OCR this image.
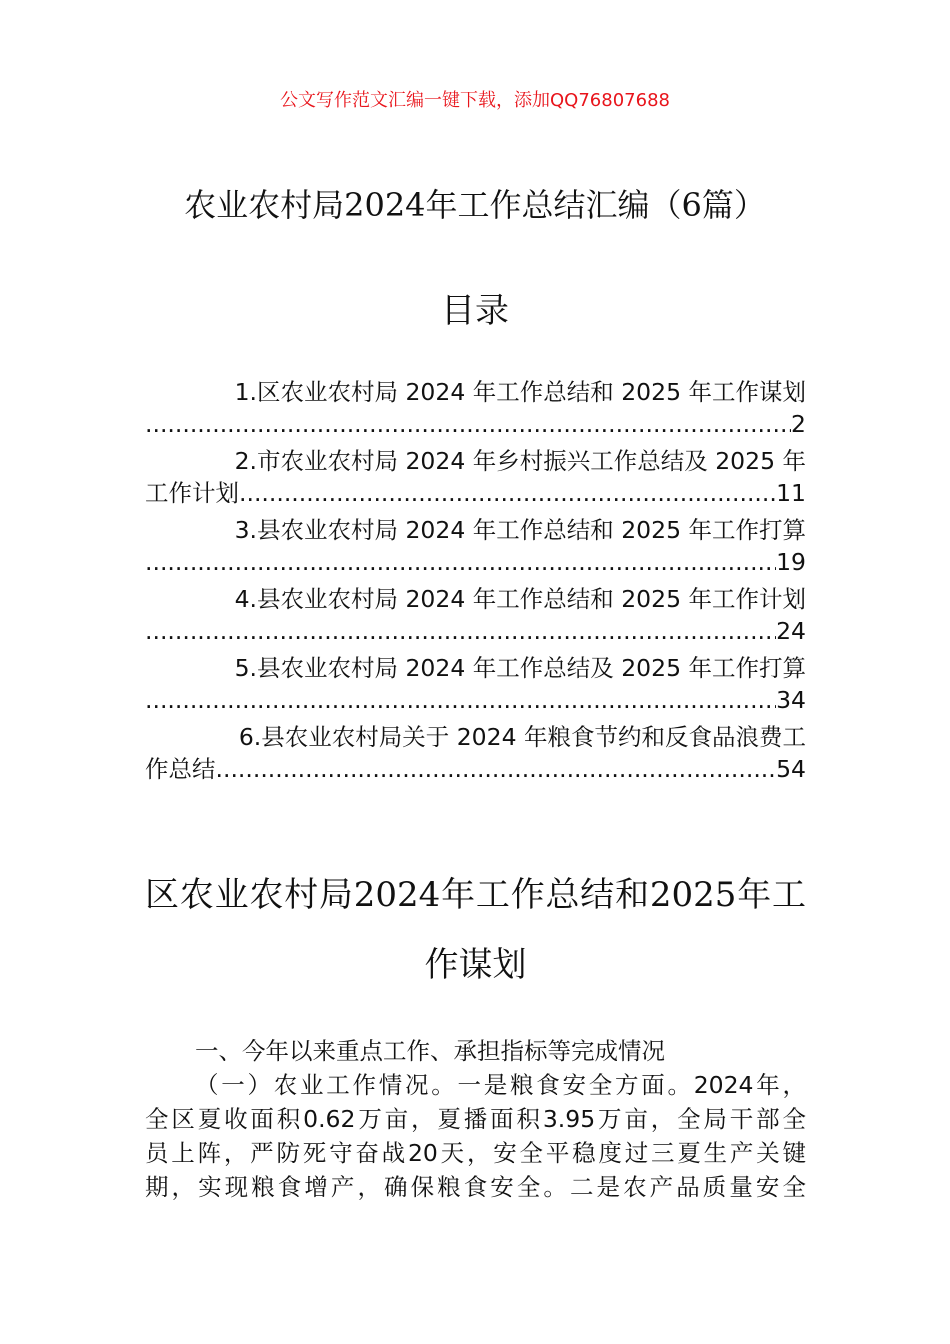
公文写作范文汇编一键下载，添加QQ76807688
农业农村局2024年工作总结汇编（6篇）
目录
1.区农业农村局 2024 年工作总结和 2025 年工作谋划
.....
2
2.市农业农村局 2024 年乡村振兴工作总结及 2025 年
工作计划 .....	11
3.县农业农村局 2024 年工作总结和 2025 年工作打算
.....
19
4.县农业农村局 2024 年工作总结和 2025 年工作计划
.....
24
5.县农业农村局 2024 年工作总结及 2025 年工作打算
.....
34
6.县农业农村局关于 2024 年粮食节约和反食品浪费工
作总结 .....	54
区农业农村局2024年工作总结和2025年工
作谋划
一、今年以来重点工作、承担指标等完成情况
（一）农业工作情况。一是粮食安全方面。2024年，
全区夏收面积0.62万亩，夏播面积3.95万亩，全局干部全
员上阵，严防死守奋战20天，安全平稳度过三夏生产关键
期，实现粮食增产，确保粮食安全。二是农产品质量安全
